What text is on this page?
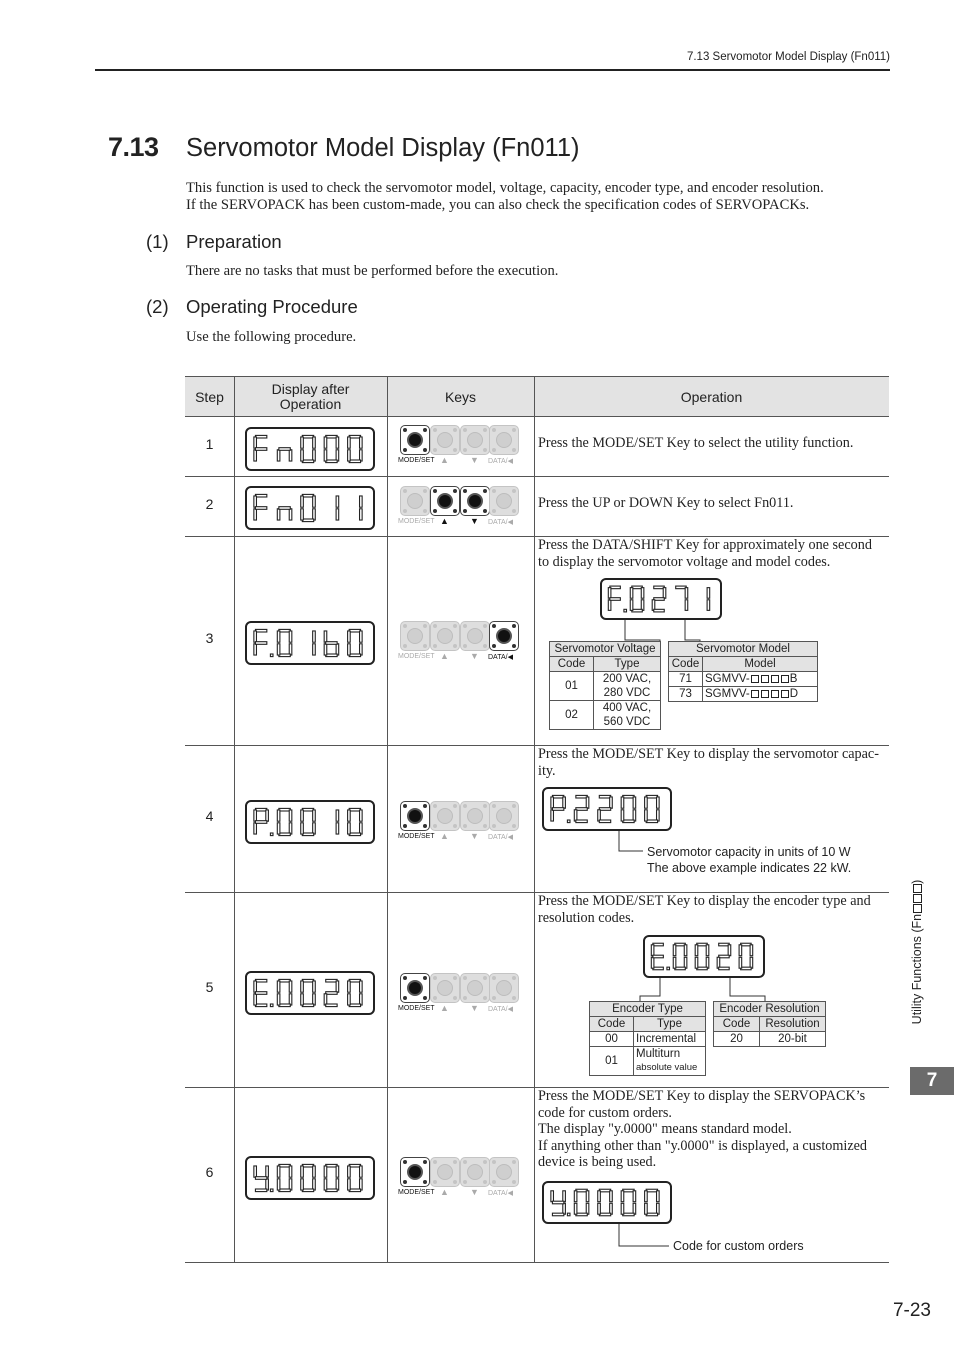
7.13 Servomotor Model Display (Fn011)
7.13 Servomotor Model Display (Fn011)
This function is used to check the servomotor model, voltage, capacity, encoder type, and encoder resolution.
If the SERVOPACK has been custom-made, you can also check the specification codes of SERVOPACKs.
(1) Preparation
There are no tasks that must be performed before the execution.
(2) Operating Procedure
Use the following procedure.
Step	Display after Operation	Keys	Operation
1
MODE/SET ▲ ▼ DATA/◀
Press the MODE/SET Key to select the utility function.
2
MODE/SET ▲ ▼ DATA/◀
Press the UP or DOWN Key to select Fn011.
3
MODE/SET ▲ ▼ DATA/◀
Press the DATA/SHIFT Key for approximately one second to display the servomotor voltage and model codes.
Servomotor Voltage	
Code	Type
01	200 VAC,
280 VDC

02	400 VAC,
560 VDC
Servomotor Model	
Code	Model
71	SGMVV- B
73	SGMVV- D
4
MODE/SET ▲ ▼ DATA/◀
Press the MODE/SET Key to display the servomotor capac-ity.
Servomotor capacity in units of 10 W
The above example indicates 22 kW.
5
MODE/SET ▲ ▼ DATA/◀
Press the MODE/SET Key to display the encoder type and resolution codes.
Encoder Type	
Code	Type
00	Incremental
01	Multiturn
absolute value
Encoder Resolution	
Code	Resolution
20	20-bit
6
MODE/SET ▲ ▼ DATA/◀
Press the MODE/SET Key to display the SERVOPACK’s code for custom orders.
The display "y.0000" means standard model.
If anything other than "y.0000" is displayed, a customized device is being used.
Code for custom orders
Utility Functions (Fn)
7
7-23
